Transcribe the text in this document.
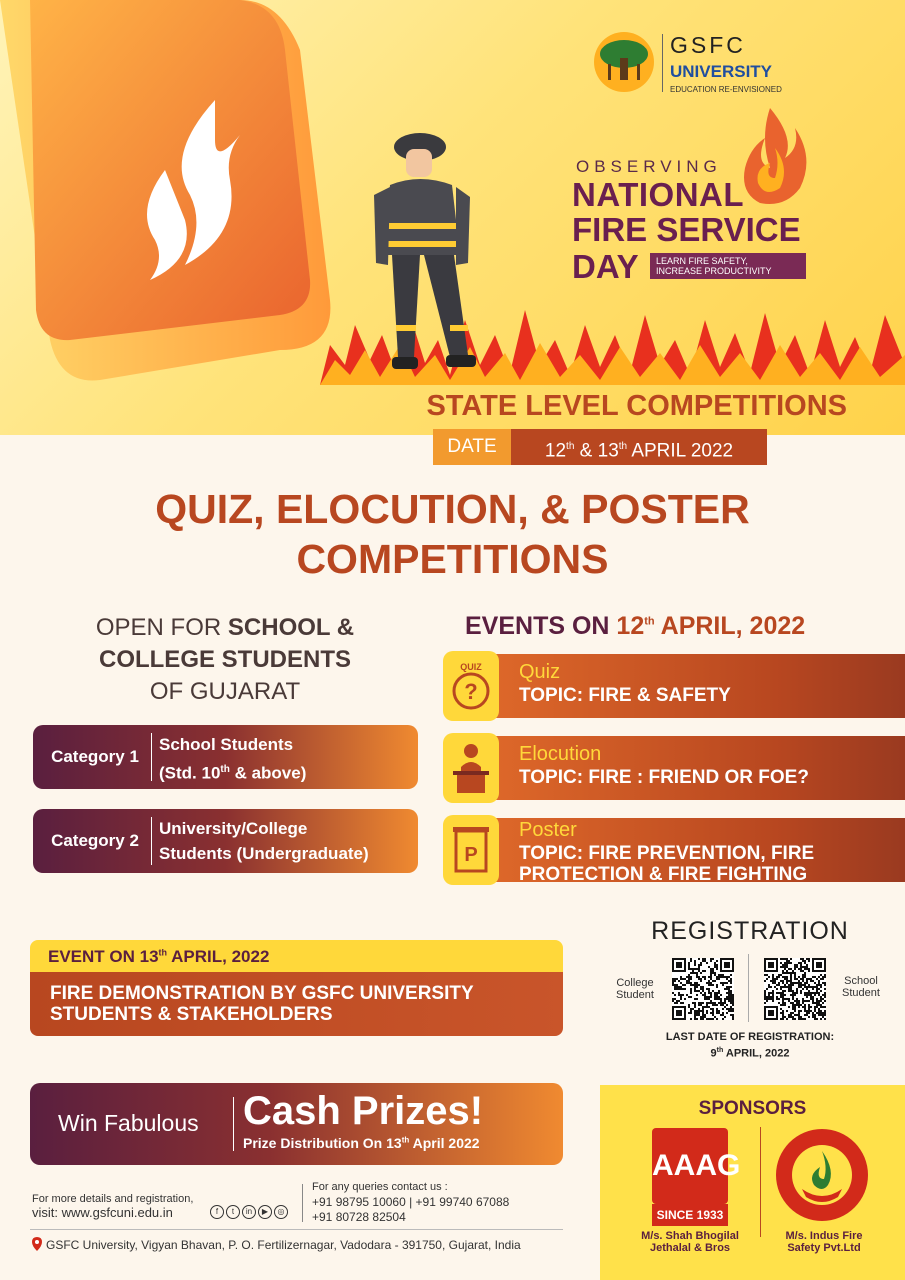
GSFC
UNIVERSITY
EDUCATION RE-ENVISIONED
OBSERVING
NATIONAL
FIRE SERVICE
DAY LEARN FIRE SAFETY,
INCREASE PRODUCTIVITY
STATE LEVEL COMPETITIONS
DATE	12th & 13th APRIL 2022
QUIZ, ELOCUTION, & POSTER
COMPETITIONS
OPEN FOR SCHOOL &
COLLEGE STUDENTS
OF GUJARAT
Category 1
School Students
(Std. 10th & above)
Category 2
University/College
Students (Undergraduate)
EVENTS ON 12th APRIL, 2022
?
QUIZ Quiz
TOPIC: FIRE & SAFETY
Elocution
TOPIC: FIRE : FRIEND OR FOE?
P
Poster
TOPIC: FIRE PREVENTION, FIRE
PROTECTION & FIRE FIGHTING
EVENT ON 13th APRIL, 2022
FIRE DEMONSTRATION BY GSFC UNIVERSITY
STUDENTS & STAKEHOLDERS
Win Fabulous Cash Prizes!
Prize Distribution On 13th April 2022
For more details and registration,
visit: www.gsfcuni.edu.in	f	t	in	▶	◎
For any queries contact us :
+91 98795 10060 | +91 99740 67088
+91 80728 82504
GSFC University, Vigyan Bhavan, P. O. Fertilizernagar, Vadodara - 391750, Gujarat, India
REGISTRATION
College
Student
School
Student
LAST DATE OF REGISTRATION:
9th APRIL, 2022
SPONSORS
AAAG
SINCE 1933
M/s. Shah Bhogilal
Jethalal & Bros
M/s. Indus Fire
Safety Pvt.Ltd
